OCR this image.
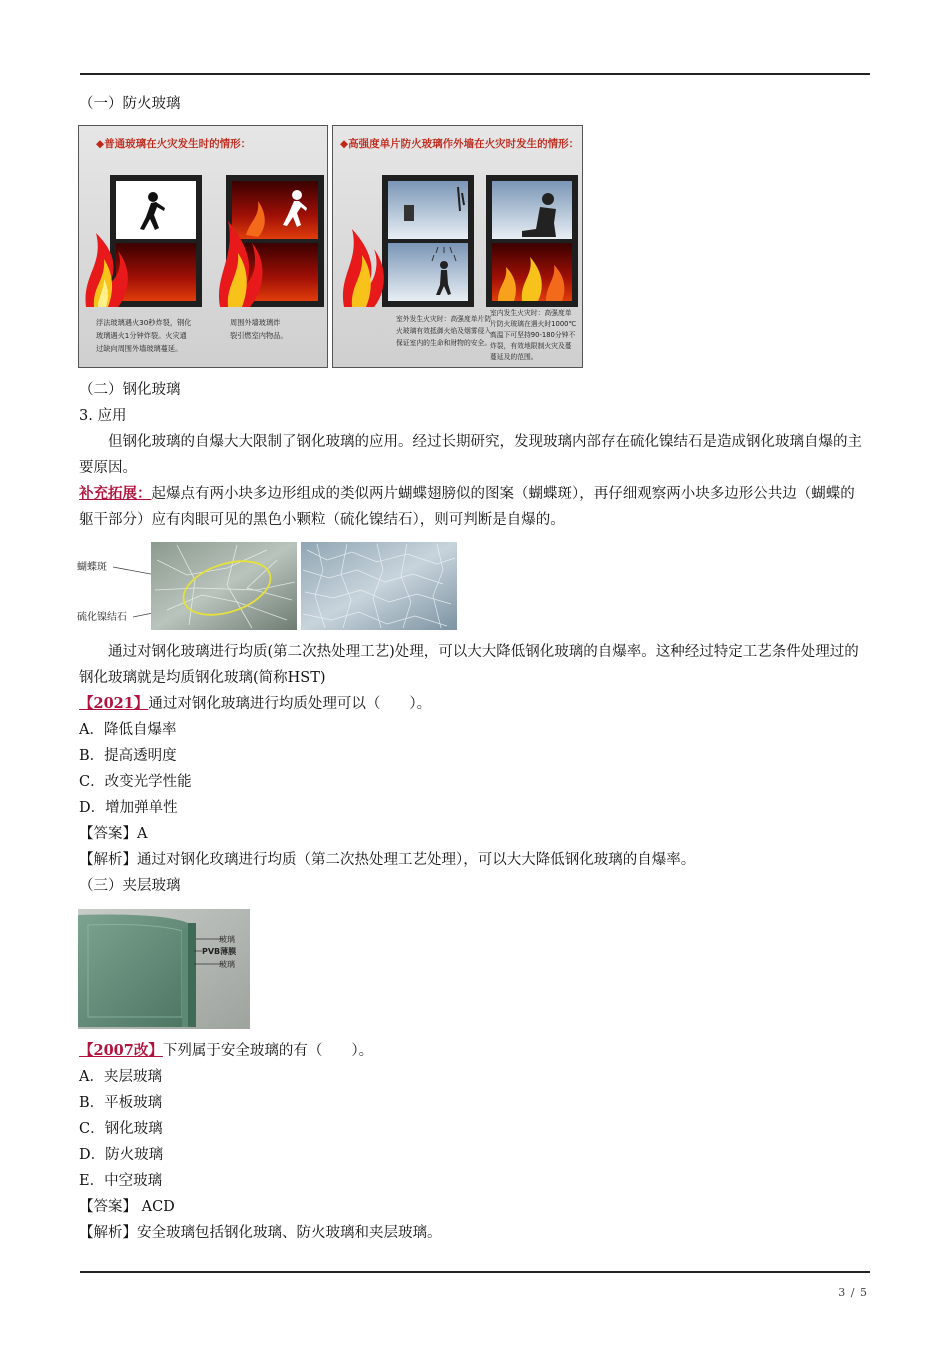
（一）防火玻璃
◆普通玻璃在火灾发生时的情形：
浮法玻璃遇火30秒炸裂，钢化
玻璃遇火1分钟炸裂。火灾通
过缺向周围外墙玻璃蔓延。
周围外墙玻璃炸
裂引燃室内物品。
◆高强度单片防火玻璃作外墙在火灾时发生的情形：
室外发生火灾时：高强度单片防
火玻璃有效抵御火焰及烟雾侵入，
保证室内的生命和财物的安全。
室内发生火灾时：高强度单
片防火玻璃在遇火时1000℃
高温下可坚持90-180分钟不
炸裂，有效地限制火灾及蔓
蔓延及的范围。
（二）钢化玻璃
3. 应用
但钢化玻璃的自爆大大限制了钢化玻璃的应用。经过长期研究，发现玻璃内部存在硫化镍结石是造成钢化玻璃自爆的主要原因。
补充拓展：起爆点有两小块多边形组成的类似两片蝴蝶翅膀似的图案（蝴蝶斑），再仔细观察两小块多边形公共边（蝴蝶的躯干部分）应有肉眼可见的黑色小颗粒（硫化镍结石），则可判断是自爆的。
蝴蝶斑
硫化镍结石
通过对钢化玻璃进行均质(第二次热处理工艺)处理，可以大大降低钢化玻璃的自爆率。这种经过特定工艺条件处理过的钢化玻璃就是均质钢化玻璃(简称HST)
【2021】通过对钢化玻璃进行均质处理可以（　　）。
A．降低自爆率
B．提高透明度
C．改变光学性能
D．增加弹单性
【答案】A
【解析】通过对钢化玫璃进行均质（第二次热处理工艺处理），可以大大降低钢化玻璃的自爆率。
（三）夹层玻璃
玻璃
PVB薄膜
玻璃
【2007改】下列属于安全玻璃的有（　　）。
A．夹层玻璃
B．平板玻璃
C．钢化玻璃
D．防火玻璃
E．中空玻璃
【答案】 ACD
【解析】安全玻璃包括钢化玻璃、防火玻璃和夹层玻璃。
3 / 5
